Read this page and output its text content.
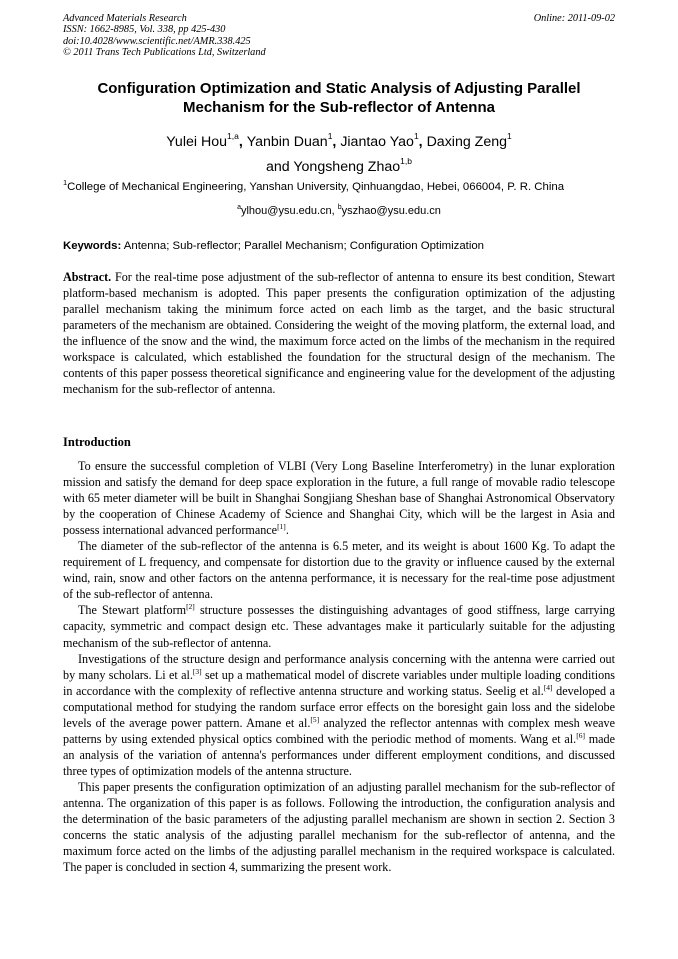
Advanced Materials Research
ISSN: 1662-8985, Vol. 338, pp 425-430
doi:10.4028/www.scientific.net/AMR.338.425
© 2011 Trans Tech Publications Ltd, Switzerland
Online: 2011-09-02
Configuration Optimization and Static Analysis of Adjusting Parallel
Mechanism for the Sub-reflector of Antenna
Yulei Hou$^{1,a}$, Yanbin Duan$^1$, Jiantao Yao$^1$, Daxing Zeng$^1$
and Yongsheng Zhao$^{1,b}$
$^1$College of Mechanical Engineering, Yanshan University, Qinhuangdao, Hebei, 066004, P. R. China
$^a$ylhou@ysu.edu.cn, $^b$yszhao@ysu.edu.cn
Keywords: Antenna; Sub-reflector; Parallel Mechanism; Configuration Optimization
Abstract. For the real-time pose adjustment of the sub-reflector of antenna to ensure its best condition, Stewart platform-based mechanism is adopted. This paper presents the configuration optimization of the adjusting parallel mechanism taking the minimum force acted on each limb as the target, and the basic structural parameters of the mechanism are obtained. Considering the weight of the moving platform, the external load, and the influence of the snow and the wind, the maximum force acted on the limbs of the mechanism in the required workspace is calculated, which established the foundation for the structural design of the mechanism. The contents of this paper possess theoretical significance and engineering value for the development of the adjusting mechanism for the sub-reflector of antenna.
Introduction

To ensure the successful completion of VLBI (Very Long Baseline Interferometry) in the lunar exploration mission and satisfy the demand for deep space exploration in the future, a full range of movable radio telescope with 65 meter diameter will be built in Shanghai Songjiang Sheshan base of Shanghai Astronomical Observatory by the cooperation of Chinese Academy of Science and Shanghai City, which will be the largest in Asia and possess international advanced performance[1].

The diameter of the sub-reflector of the antenna is 6.5 meter, and its weight is about 1600 Kg. To adapt the requirement of L frequency, and compensate for distortion due to the gravity or influence caused by the external wind, rain, snow and other factors on the antenna performance, it is necessary for the real-time pose adjustment of the sub-reflector of antenna.

The Stewart platform[2] structure possesses the distinguishing advantages of good stiffness, large carrying capacity, symmetric and compact design etc. These advantages make it particularly suitable for the adjusting mechanism of the sub-reflector of antenna.

Investigations of the structure design and performance analysis concerning with the antenna were carried out by many scholars. Li et al.[3] set up a mathematical model of discrete variables under multiple loading conditions in accordance with the complexity of reflective antenna structure and working status. Seelig et al.[4] developed a computational method for studying the random surface error effects on the boresight gain loss and the sidelobe levels of the average power pattern. Amane et al.[5] analyzed the reflector antennas with complex mesh weave patterns by using extended physical optics combined with the periodic method of moments. Wang et al.[6] made an analysis of the variation of antenna's performances under different employment conditions, and discussed three types of optimization models of the antenna structure.

This paper presents the configuration optimization of an adjusting parallel mechanism for the sub-reflector of antenna. The organization of this paper is as follows. Following the introduction, the configuration analysis and the determination of the basic parameters of the adjusting parallel mechanism are shown in section 2. Section 3 concerns the static analysis of the adjusting parallel mechanism for the sub-reflector of antenna, and the maximum force acted on the limbs of the adjusting parallel mechanism in the required workspace is calculated. The paper is concluded in section 4, summarizing the present work.
